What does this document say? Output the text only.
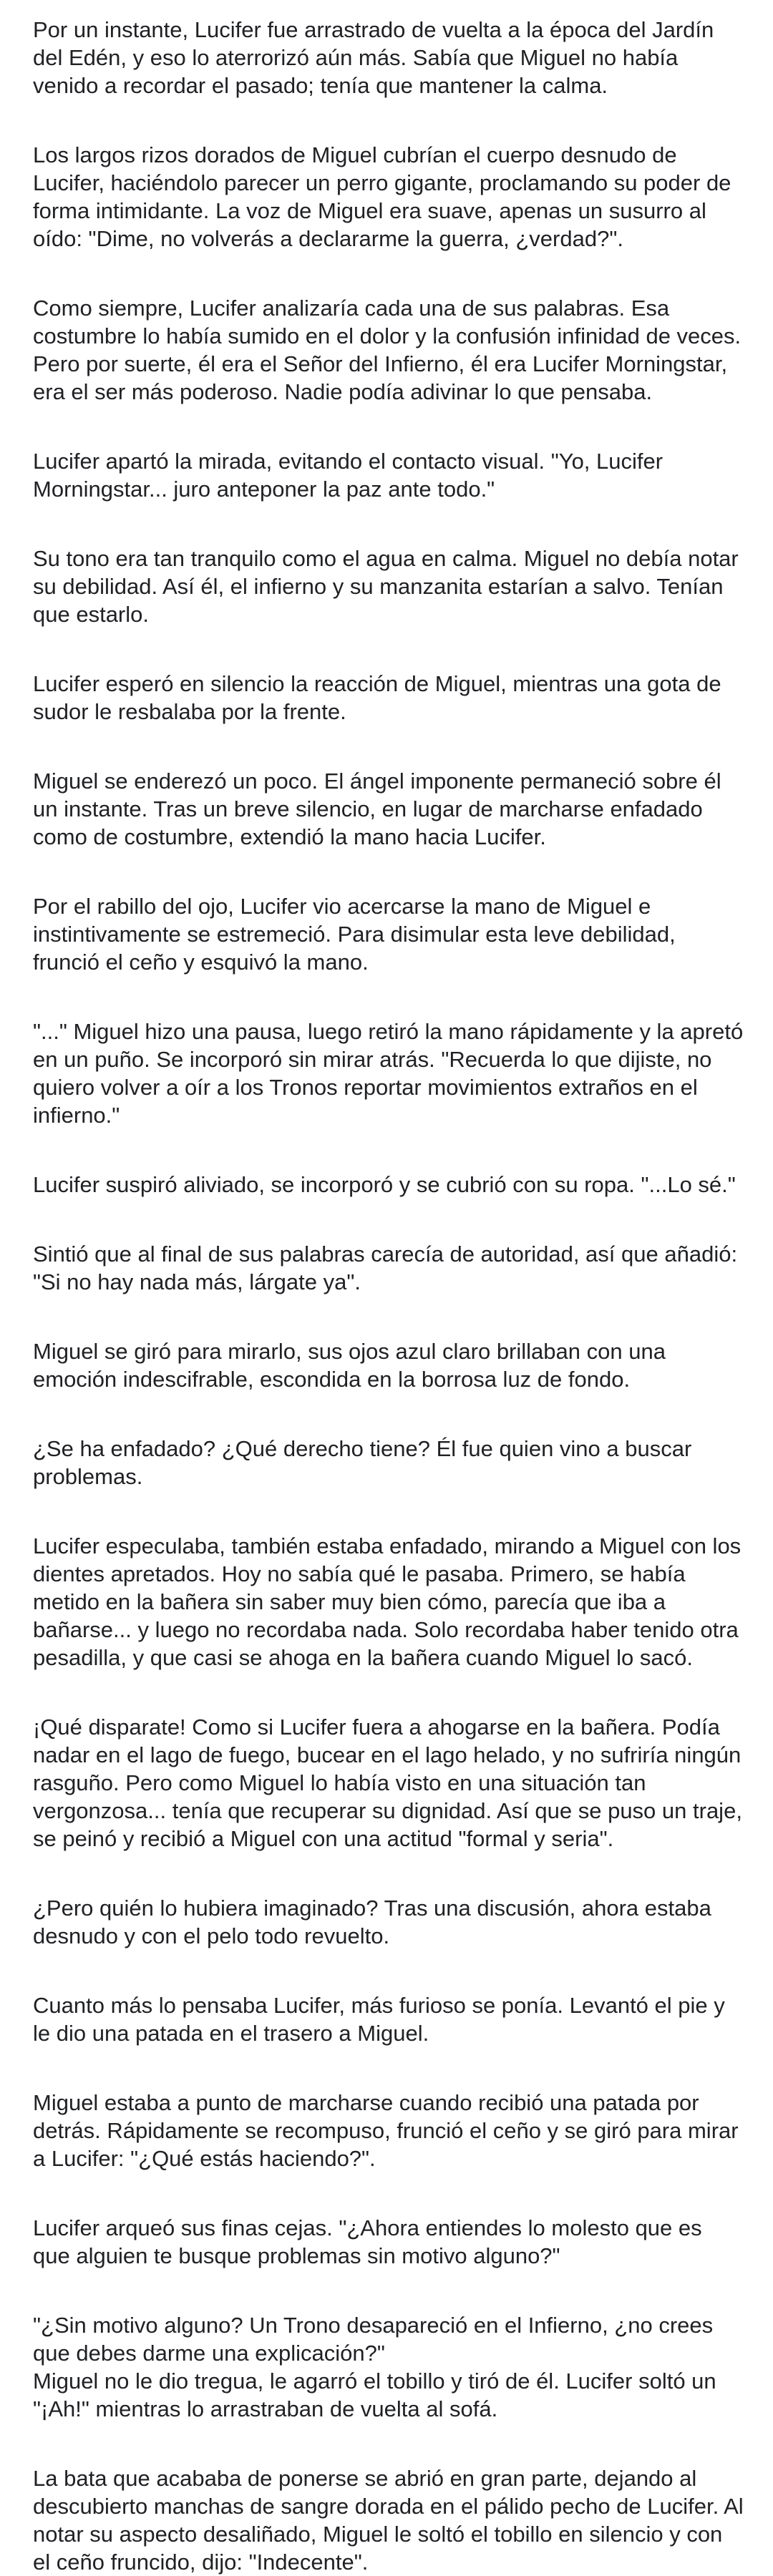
Por un instante, Lucifer fue arrastrado de vuelta a la época del Jardín del Edén, y eso lo aterrorizó aún más. Sabía que Miguel no había venido a recordar el pasado; tenía que mantener la calma.

Los largos rizos dorados de Miguel cubrían el cuerpo desnudo de Lucifer, haciéndolo parecer un perro gigante, proclamando su poder de forma intimidante. La voz de Miguel era suave, apenas un susurro al oído: "Dime, no volverás a declararme la guerra, ¿verdad?".

Como siempre, Lucifer analizaría cada una de sus palabras. Esa costumbre lo había sumido en el dolor y la confusión infinidad de veces. Pero por suerte, él era el Señor del Infierno, él era Lucifer Morningstar, era el ser más poderoso. Nadie podía adivinar lo que pensaba.

Lucifer apartó la mirada, evitando el contacto visual. "Yo, Lucifer Morningstar... juro anteponer la paz ante todo."

Su tono era tan tranquilo como el agua en calma. Miguel no debía notar su debilidad. Así él, el infierno y su manzanita estarían a salvo. Tenían que estarlo.

Lucifer esperó en silencio la reacción de Miguel, mientras una gota de sudor le resbalaba por la frente.

Miguel se enderezó un poco. El ángel imponente permaneció sobre él un instante. Tras un breve silencio, en lugar de marcharse enfadado como de costumbre, extendió la mano hacia Lucifer.

Por el rabillo del ojo, Lucifer vio acercarse la mano de Miguel e instintivamente se estremeció. Para disimular esta leve debilidad, frunció el ceño y esquivó la mano.

"..." Miguel hizo una pausa, luego retiró la mano rápidamente y la apretó en un puño. Se incorporó sin mirar atrás. "Recuerda lo que dijiste, no quiero volver a oír a los Tronos reportar movimientos extraños en el infierno."

Lucifer suspiró aliviado, se incorporó y se cubrió con su ropa. "...Lo sé."

Sintió que al final de sus palabras carecía de autoridad, así que añadió: "Si no hay nada más, lárgate ya".

Miguel se giró para mirarlo, sus ojos azul claro brillaban con una emoción indescifrable, escondida en la borrosa luz de fondo.

¿Se ha enfadado? ¿Qué derecho tiene? Él fue quien vino a buscar problemas.

Lucifer especulaba, también estaba enfadado, mirando a Miguel con los dientes apretados. Hoy no sabía qué le pasaba. Primero, se había metido en la bañera sin saber muy bien cómo, parecía que iba a bañarse... y luego no recordaba nada. Solo recordaba haber tenido otra pesadilla, y que casi se ahoga en la bañera cuando Miguel lo sacó.

¡Qué disparate! Como si Lucifer fuera a ahogarse en la bañera. Podía nadar en el lago de fuego, bucear en el lago helado, y no sufriría ningún rasguño. Pero como Miguel lo había visto en una situación tan vergonzosa... tenía que recuperar su dignidad. Así que se puso un traje, se peinó y recibió a Miguel con una actitud "formal y seria".

¿Pero quién lo hubiera imaginado? Tras una discusión, ahora estaba desnudo y con el pelo todo revuelto.

Cuanto más lo pensaba Lucifer, más furioso se ponía. Levantó el pie y le dio una patada en el trasero a Miguel.

Miguel estaba a punto de marcharse cuando recibió una patada por detrás. Rápidamente se recompuso, frunció el ceño y se giró para mirar a Lucifer: "¿Qué estás haciendo?".

Lucifer arqueó sus finas cejas. "¿Ahora entiendes lo molesto que es que alguien te busque problemas sin motivo alguno?"

"¿Sin motivo alguno? Un Trono desapareció en el Infierno, ¿no crees que debes darme una explicación?"
Miguel no le dio tregua, le agarró el tobillo y tiró de él. Lucifer soltó un "¡Ah!" mientras lo arrastraban de vuelta al sofá.

La bata que acababa de ponerse se abrió en gran parte, dejando al descubierto manchas de sangre dorada en el pálido pecho de Lucifer. Al notar su aspecto desaliñado, Miguel le soltó el tobillo en silencio y con el ceño fruncido, dijo: "Indecente".
